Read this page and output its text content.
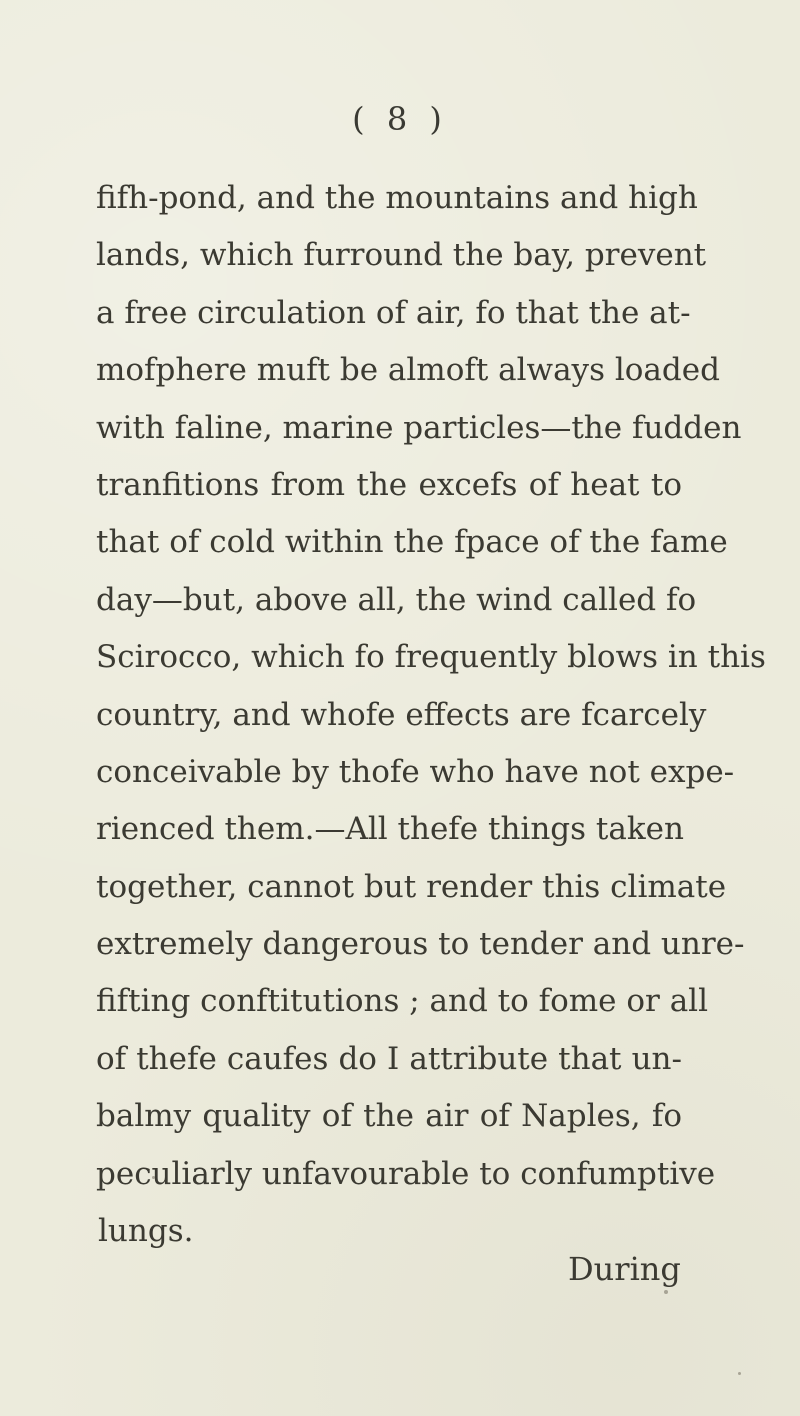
( 8 )
fifh-pond, and the mountains and high
lands, which furround the bay, prevent
a free circulation of air, fo that the at-
mofphere muft be almoft always loaded
with faline, marine particles—the fudden
tranfitions from the excefs of heat to
that of cold within the fpace of the fame
day—but, above all, the wind called fo
Scirocco, which fo frequently blows in this
country, and whofe effects are fcarcely
conceivable by thofe who have not expe-
rienced them.—All thefe things taken
together, cannot but render this climate
extremely dangerous to tender and unre-
fifting conftitutions ; and to fome or all
of thefe caufes do I attribute that un-
balmy quality of the air of Naples, fo
peculiarly unfavourable to confumptive
lungs.
During
